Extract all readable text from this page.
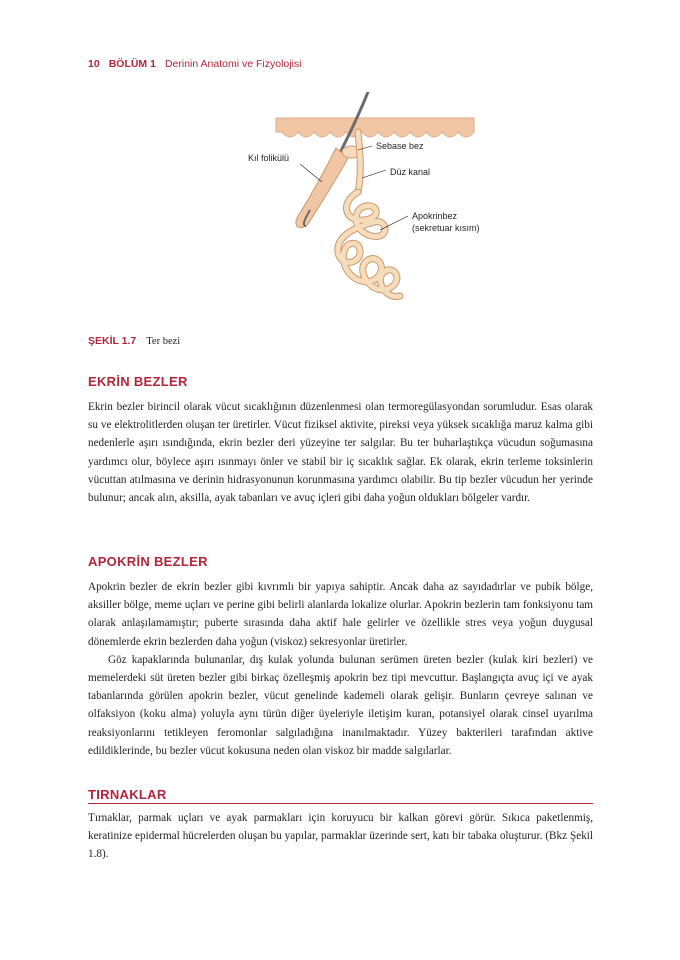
10 BÖLÜM 1 Derinin Anatomi ve Fizyolojisi
Sebase bez
Kıl folikülü
Düz kanal
Apokrinbez
(sekretuar kısım)
ŞEKİL 1.7 Ter bezi
EKRİN BEZLER

Ekrin bezler birincil olarak vücut sıcaklığının düzenlenmesi olan termoregülasyondan sorumludur. Esas olarak su ve elektrolitlerden oluşan ter üretirler. Vücut fiziksel aktivite, pireksi veya yüksek sıcaklığa maruz kalma gibi nedenlerle aşırı ısındığında, ekrin bezler deri yüzeyine ter salgılar. Bu ter buharlaştıkça vücudun soğumasına yardımcı olur, böylece aşırı ısınmayı önler ve stabil bir iç sıcaklık sağlar. Ek olarak, ekrin terleme toksinlerin vücuttan atılmasına ve derinin hidrasyonunun korunmasına yardımcı olabilir. Bu tip bezler vücudun her yerinde bulunur; ancak alın, aksilla, ayak tabanları ve avuç içleri gibi daha yoğun oldukları bölgeler vardır.

APOKRİN BEZLER

Apokrin bezler de ekrin bezler gibi kıvrımlı bir yapıya sahiptir. Ancak daha az sayıdadırlar ve pubik bölge, aksiller bölge, meme uçları ve perine gibi belirli alanlarda lokalize olurlar. Apokrin bezlerin tam fonksiyonu tam olarak anlaşılamamıştır; puberte sırasında daha aktif hale gelirler ve özellikle stres veya yoğun duygusal dönemlerde ekrin bezlerden daha yoğun (viskoz) sekresyonlar üretirler.

Göz kapaklarında bulunanlar, dış kulak yolunda bulunan serümen üreten bezler (kulak kiri bezleri) ve memelerdeki süt üreten bezler gibi birkaç özelleşmiş apokrin bez tipi mevcuttur. Başlangıçta avuç içi ve ayak tabanlarında görülen apokrin bezler, vücut genelinde kademeli olarak gelişir. Bunların çevreye salınan ve olfaksiyon (koku alma) yoluyla aynı türün diğer üyeleriyle iletişim kuran, potansiyel olarak cinsel uyarılma reaksiyonlarını tetikleyen feromonlar salgıladığına inanılmaktadır. Yüzey bakterileri tarafından aktive edildiklerinde, bu bezler vücut kokusuna neden olan viskoz bir madde salgılarlar.

TIRNAKLAR

Tırnaklar, parmak uçları ve ayak parmakları için koruyucu bir kalkan görevi görür. Sıkıca paketlenmiş, keratinize epidermal hücrelerden oluşan bu yapılar, parmaklar üzerinde sert, katı bir tabaka oluşturur. (Bkz Şekil 1.8).
